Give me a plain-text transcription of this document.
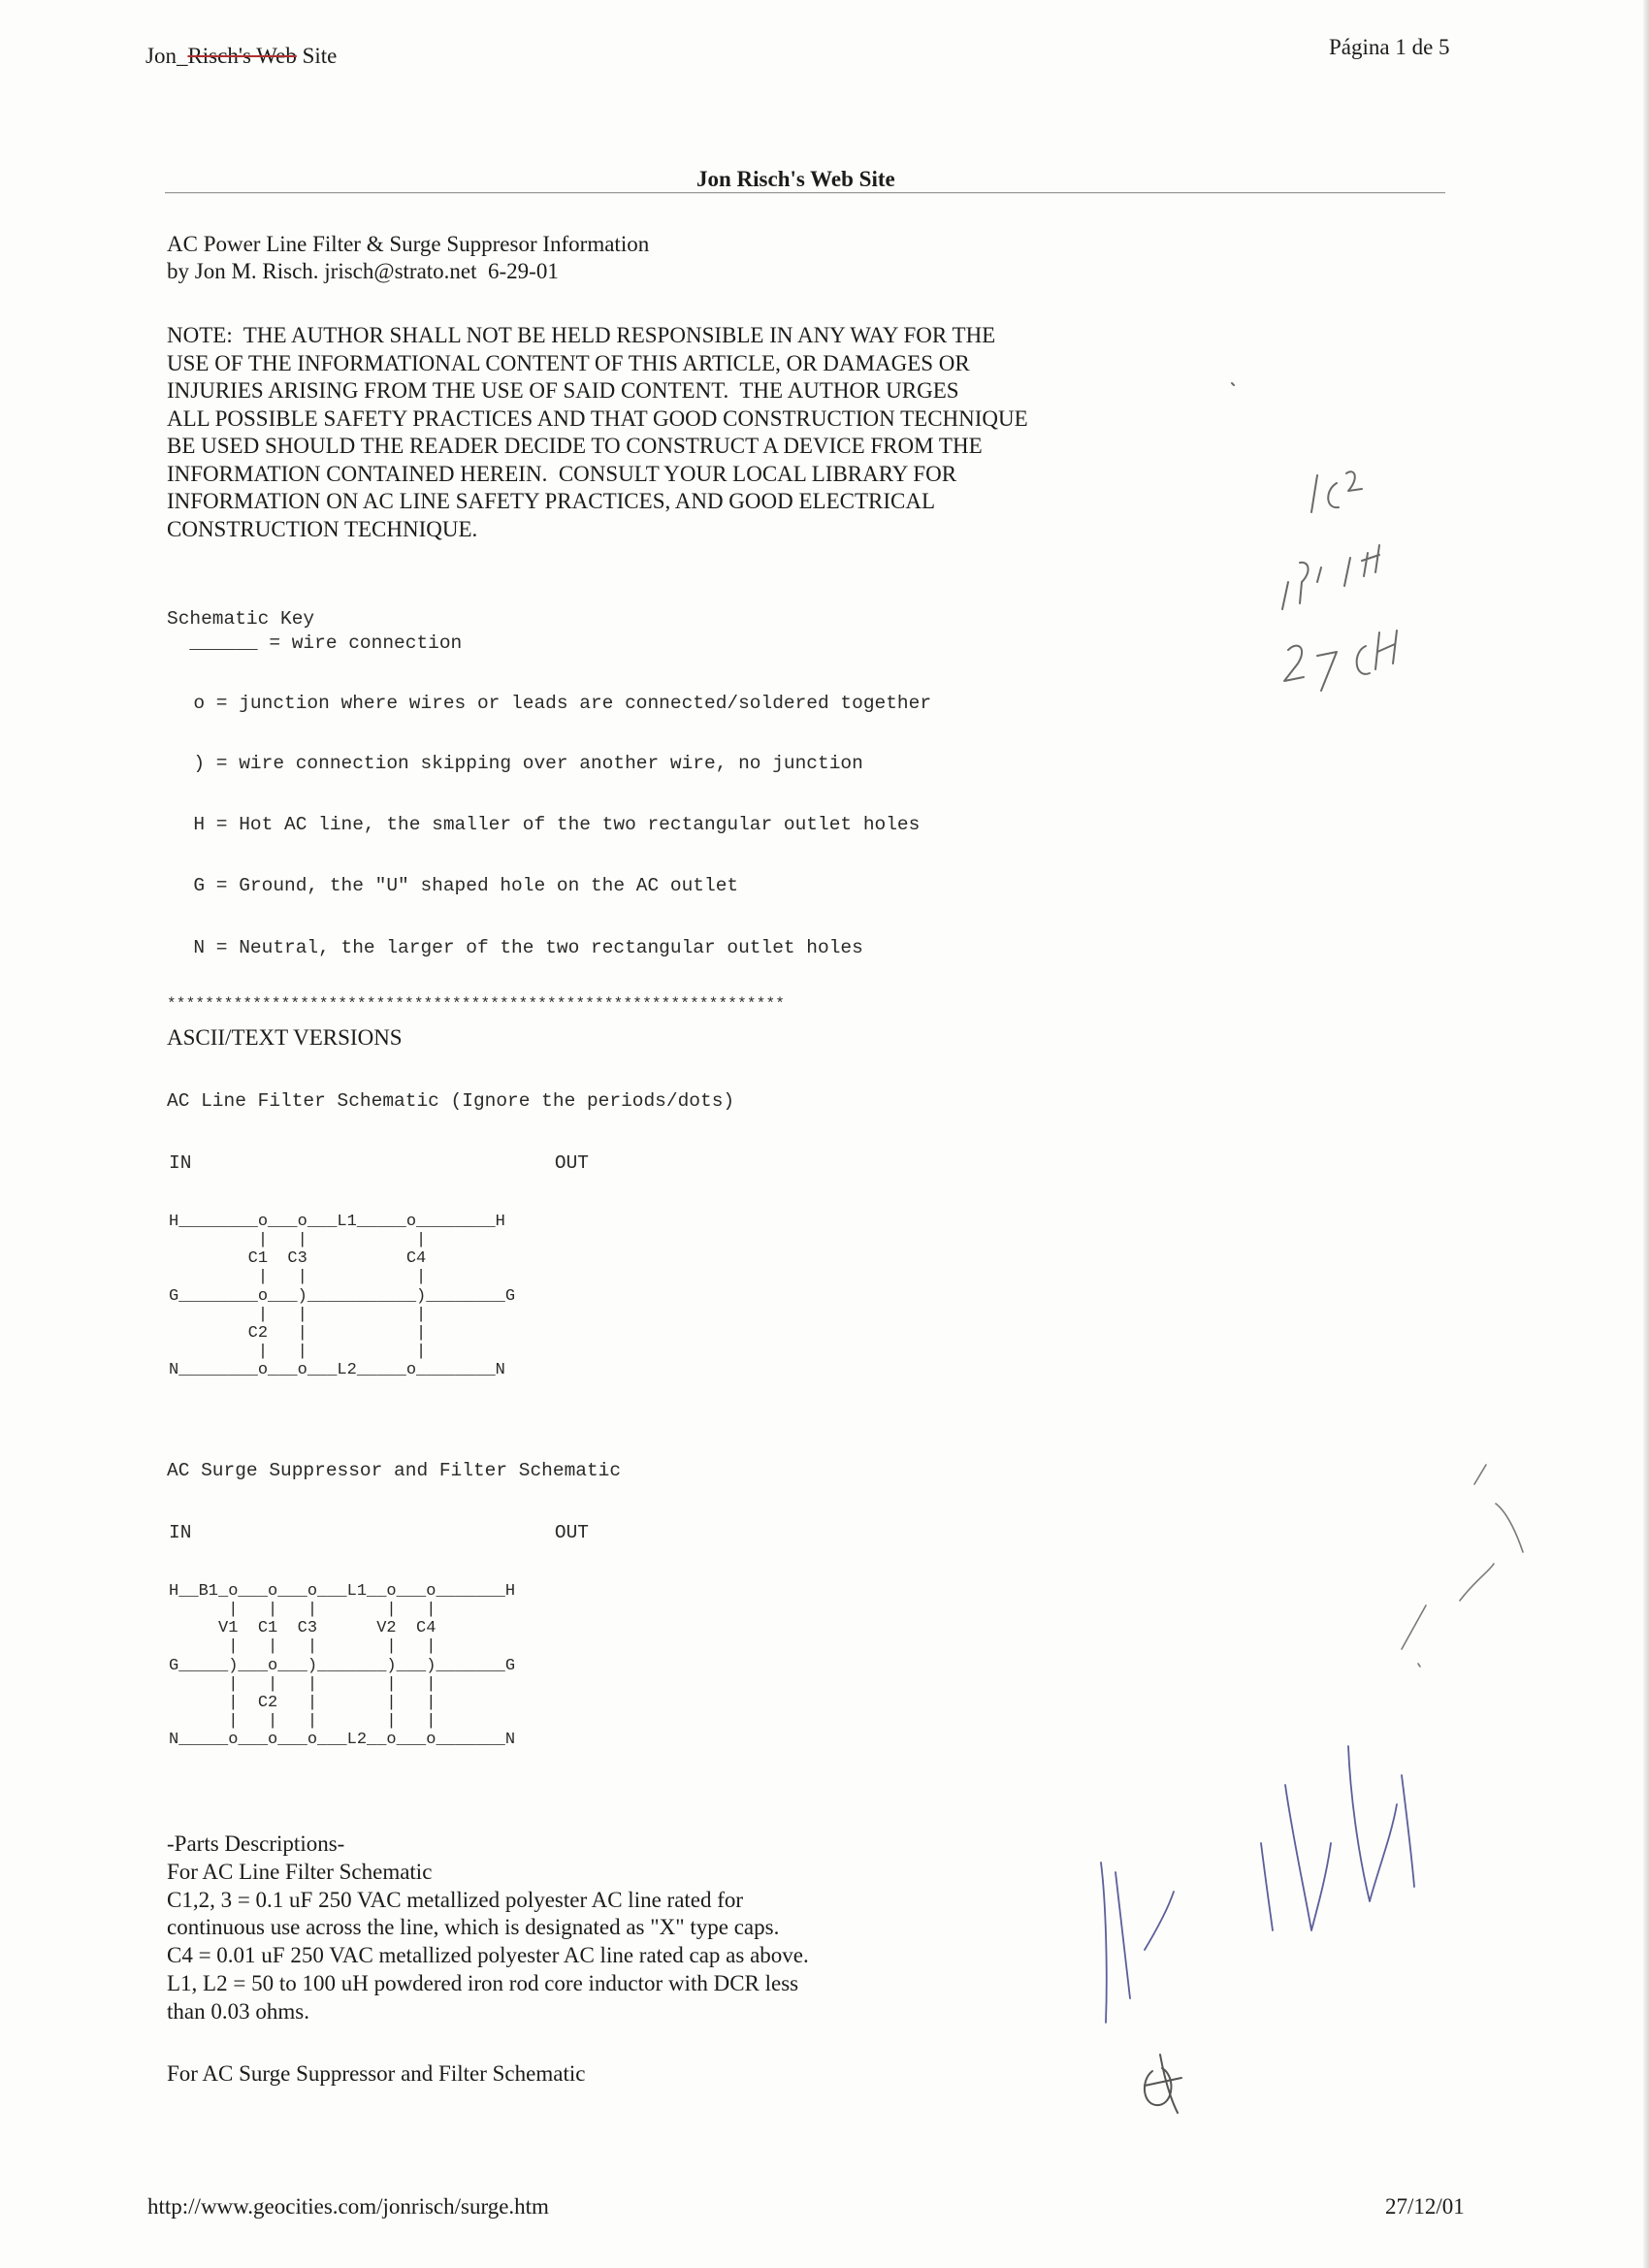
Jon_Risch's Web Site	Página 1 de 5
Jon Risch's Web Site
AC Power Line Filter & Surge Suppresor Information
by Jon M. Risch. jrisch@strato.net  6-29-01
NOTE:  THE AUTHOR SHALL NOT BE HELD RESPONSIBLE IN ANY WAY FOR THE
USE OF THE INFORMATIONAL CONTENT OF THIS ARTICLE, OR DAMAGES OR
INJURIES ARISING FROM THE USE OF SAID CONTENT.  THE AUTHOR URGES
ALL POSSIBLE SAFETY PRACTICES AND THAT GOOD CONSTRUCTION TECHNIQUE
BE USED SHOULD THE READER DECIDE TO CONSTRUCT A DEVICE FROM THE
INFORMATION CONTAINED HEREIN.  CONSULT YOUR LOCAL LIBRARY FOR
INFORMATION ON AC LINE SAFETY PRACTICES, AND GOOD ELECTRICAL
CONSTRUCTION TECHNIQUE.
Schematic Key
______ = wire connection
o = junction where wires or leads are connected/soldered together
) = wire connection skipping over another wire, no junction
H = Hot AC line, the smaller of the two rectangular outlet holes
G = Ground, the "U" shaped hole on the AC outlet
N = Neutral, the larger of the two rectangular outlet holes
*****************************************************************
ASCII/TEXT VERSIONS
AC Line Filter Schematic (Ignore the periods/dots)
IN                                OUT
H________o___o___L1_____o________H
|   |           |
C1  C3          C4
|   |           |
G________o___)___________)________G
|   |           |
C2   |           |
|   |           |
N________o___o___L2_____o________N
AC Surge Suppressor and Filter Schematic
IN                                OUT
H__B1_o___o___o___L1__o___o_______H
|   |   |       |   |
V1  C1  C3      V2  C4
|   |   |       |   |
G_____)___o___)_______)___)_______G
|   |   |       |   |
|  C2   |       |   |
|   |   |       |   |
N_____o___o___o___L2__o___o_______N
-Parts Descriptions-
For AC Line Filter Schematic
C1,2, 3 = 0.1 uF 250 VAC metallized polyester AC line rated for
continuous use across the line, which is designated as "X" type caps.
C4 = 0.01 uF 250 VAC metallized polyester AC line rated cap as above.
L1, L2 = 50 to 100 uH powdered iron rod core inductor with DCR less
than 0.03 ohms.
For AC Surge Suppressor and Filter Schematic
http://www.geocities.com/jonrisch/surge.htm	27/12/01
